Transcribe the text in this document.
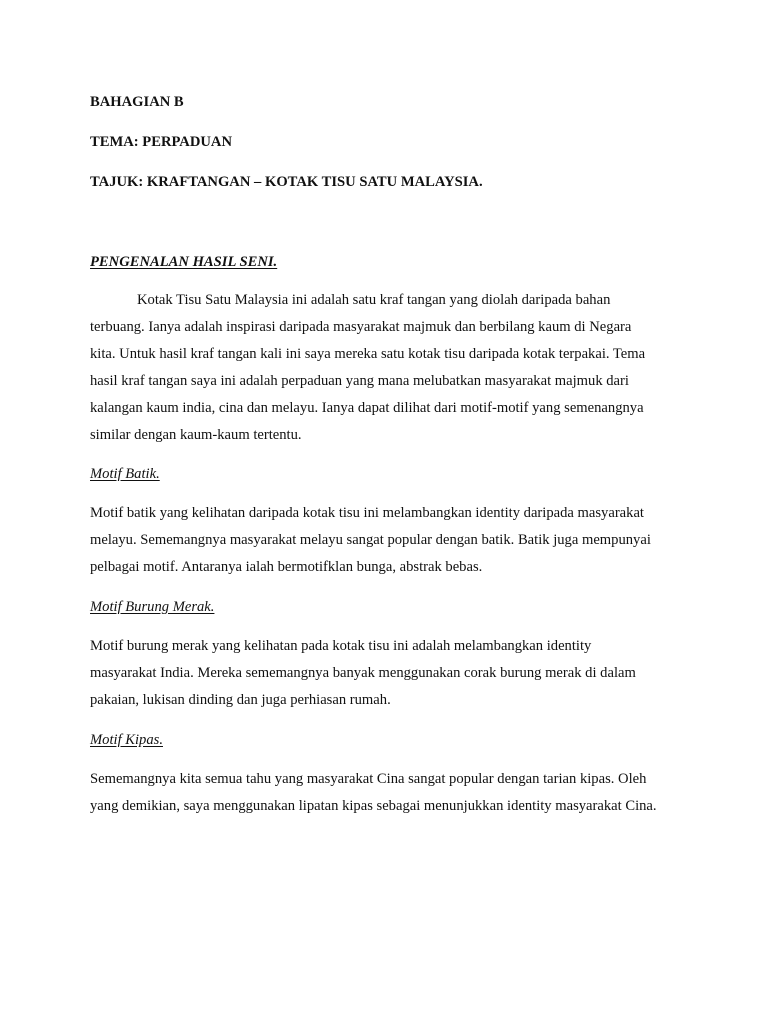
BAHAGIAN B
TEMA: PERPADUAN
TAJUK: KRAFTANGAN – KOTAK TISU SATU MALAYSIA.
PENGENALAN HASIL SENI.
Kotak Tisu Satu Malaysia ini adalah satu kraf tangan yang diolah daripada bahan
terbuang. Ianya adalah inspirasi daripada masyarakat majmuk dan berbilang kaum di Negara
kita. Untuk hasil kraf tangan kali ini saya mereka satu kotak tisu daripada kotak terpakai. Tema
hasil kraf tangan saya ini adalah perpaduan yang mana melubatkan masyarakat majmuk dari
kalangan kaum india, cina dan melayu. Ianya dapat dilihat dari motif-motif yang semenangnya
similar dengan kaum-kaum tertentu.
Motif Batik.
Motif batik yang kelihatan daripada kotak tisu ini melambangkan identity daripada masyarakat
melayu. Sememangnya masyarakat melayu sangat popular dengan batik. Batik juga mempunyai
pelbagai motif. Antaranya ialah bermotifklan bunga, abstrak bebas.
Motif Burung Merak.
Motif burung merak yang kelihatan pada kotak tisu ini adalah melambangkan identity
masyarakat India. Mereka sememangnya banyak menggunakan corak burung merak di dalam
pakaian, lukisan dinding dan juga perhiasan rumah.
Motif Kipas.
Sememangnya kita semua tahu yang masyarakat Cina sangat popular dengan tarian kipas. Oleh
yang demikian, saya menggunakan lipatan kipas sebagai menunjukkan identity masyarakat Cina.
